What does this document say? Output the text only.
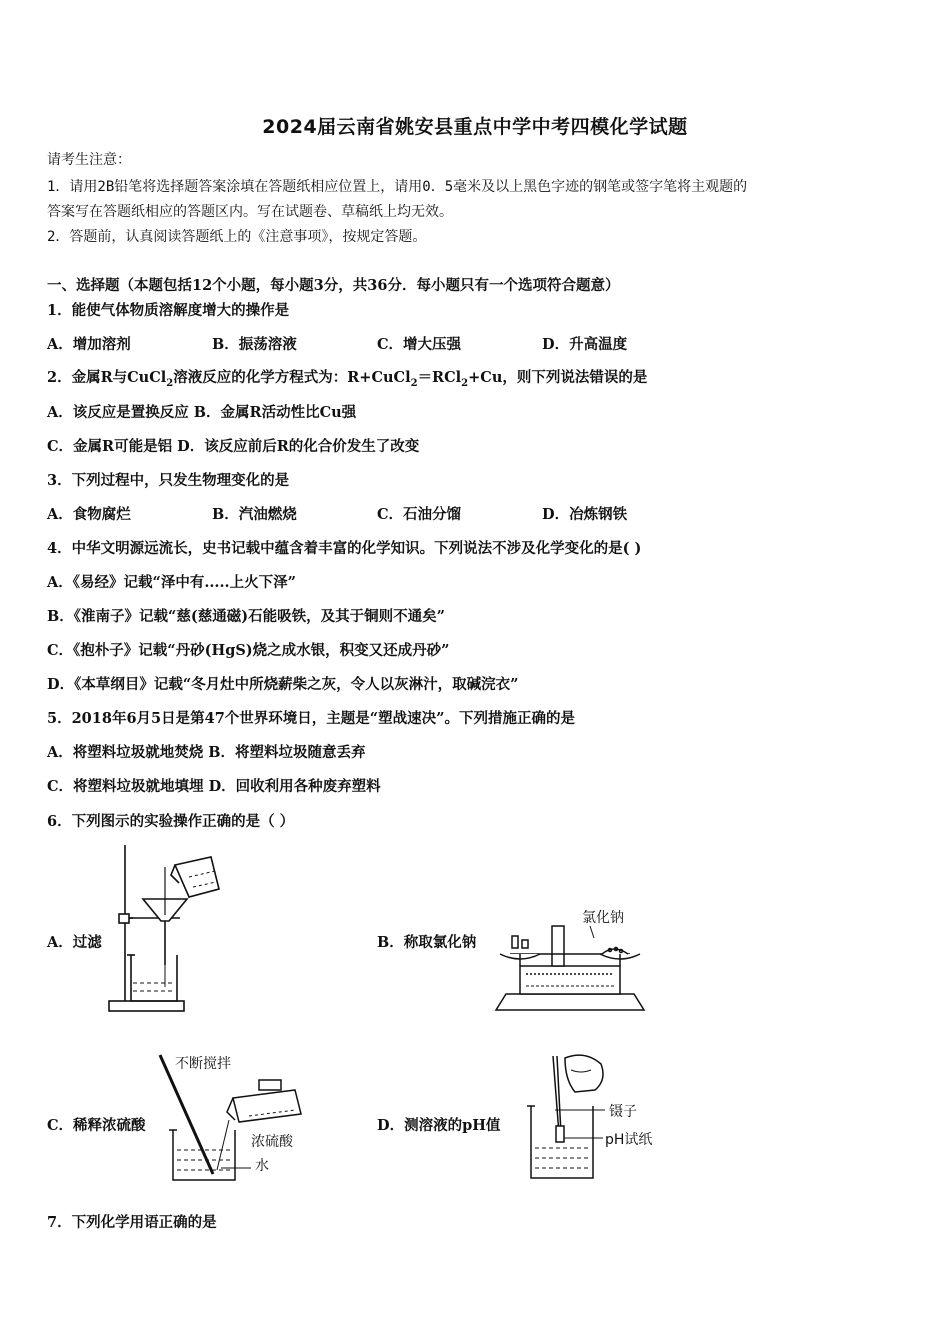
2024届云南省姚安县重点中学中考四模化学试题
请考生注意：
1．请用2B铅笔将选择题答案涂填在答题纸相应位置上，请用0．5毫米及以上黑色字迹的钢笔或签字笔将主观题的
答案写在答题纸相应的答题区内。写在试题卷、草稿纸上均无效。
2．答题前，认真阅读答题纸上的《注意事项》，按规定答题。
一、选择题（本题包括12个小题，每小题3分，共36分．每小题只有一个选项符合题意）
1．能使气体物质溶解度增大的操作是
A．增加溶剂	B．振荡溶液	C．增大压强	D．升高温度
2．金属R与CuCl$_2$溶液反应的化学方程式为：R+CuCl$_2$＝RCl$_2$+Cu，则下列说法错误的是
A．该反应是置换反应 B．金属R活动性比Cu强
C．金属R可能是铝 D．该反应前后R的化合价发生了改变
3．下列过程中，只发生物理变化的是
A．食物腐烂	B．汽油燃烧	C．石油分馏	D．冶炼钢铁
4．中华文明源远流长，史书记载中蕴含着丰富的化学知识。下列说法不涉及化学变化的是( )
A．《易经》记载“泽中有.....上火下泽”
B．《淮南子》记载“慈(慈通磁)石能吸铁，及其于铜则不通矣”
C．《抱朴子》记载“丹砂(HgS)烧之成水银，积变又还成丹砂”
D．《本草纲目》记载“冬月灶中所烧薪柴之灰，令人以灰淋汁，取碱浣衣”
5．2018年6月5日是第47个世界环境日，主题是“塑战速决”。下列措施正确的是
A．将塑料垃圾就地焚烧 B．将塑料垃圾随意丢弃
C．将塑料垃圾就地填埋 D．回收利用各种废弃塑料
6．下列图示的实验操作正确的是（ ）
A．过滤	B．称取氯化钠
C．稀释浓硫酸	D．测溶液的pH值
氯化钠
不断搅拌
浓硫酸
水
镊子
pH试纸
7．下列化学用语正确的是
